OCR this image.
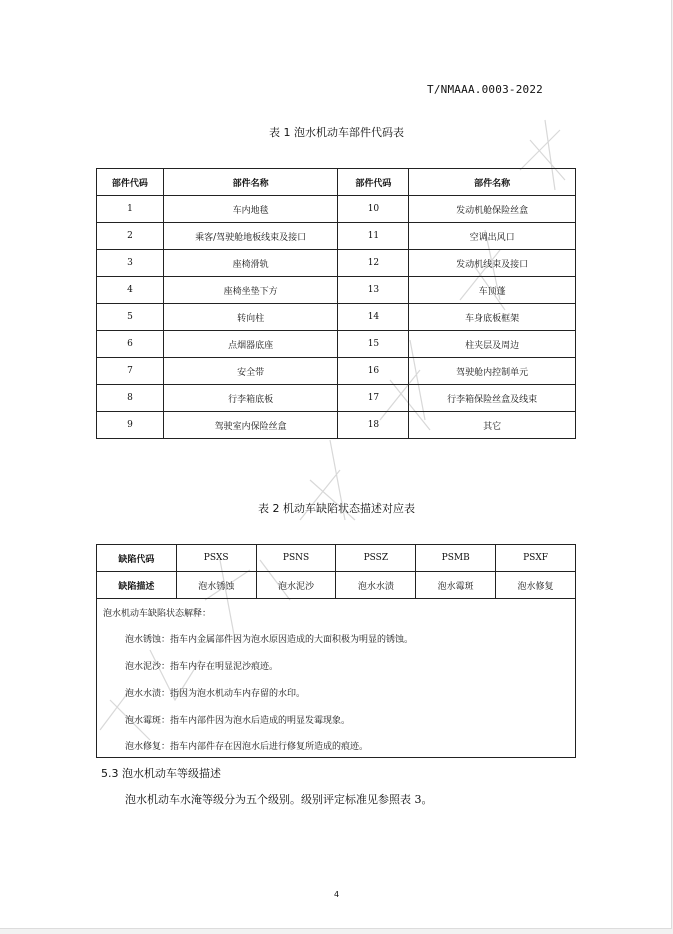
T/NMAAA.0003-2022
表 1 泡水机动车部件代码表
部件代码	部件名称	部件代码	部件名称
1	车内地毯	10	发动机舱保险丝盒
2	乘客/驾驶舱地板线束及接口	11	空调出风口
3	座椅滑轨	12	发动机线束及接口
4	座椅坐垫下方	13	车顶蓬
5	转向柱	14	车身底板框架
6	点烟器底座	15	柱夹层及周边
7	安全带	16	驾驶舱内控制单元
8	行李箱底板	17	行李箱保险丝盒及线束
9	驾驶室内保险丝盒	18	其它
表 2 机动车缺陷状态描述对应表
缺陷代码	PSXS	PSNS	PSSZ	PSMB	PSXF
缺陷描述	泡水锈蚀	泡水泥沙	泡水水渍	泡水霉斑	泡水修复
泡水机动车缺陷状态解释：
泡水锈蚀：指车内金属部件因为泡水原因造成的大面积极为明显的锈蚀。
泡水泥沙：指车内存在明显泥沙痕迹。
泡水水渍：指因为泡水机动车内存留的水印。
泡水霉斑：指车内部件因为泡水后造成的明显发霉现象。
泡水修复：指车内部件存在因泡水后进行修复所造成的痕迹。
5.3 泡水机动车等级描述
泡水机动车水淹等级分为五个级别。级别评定标准见参照表 3。
4
